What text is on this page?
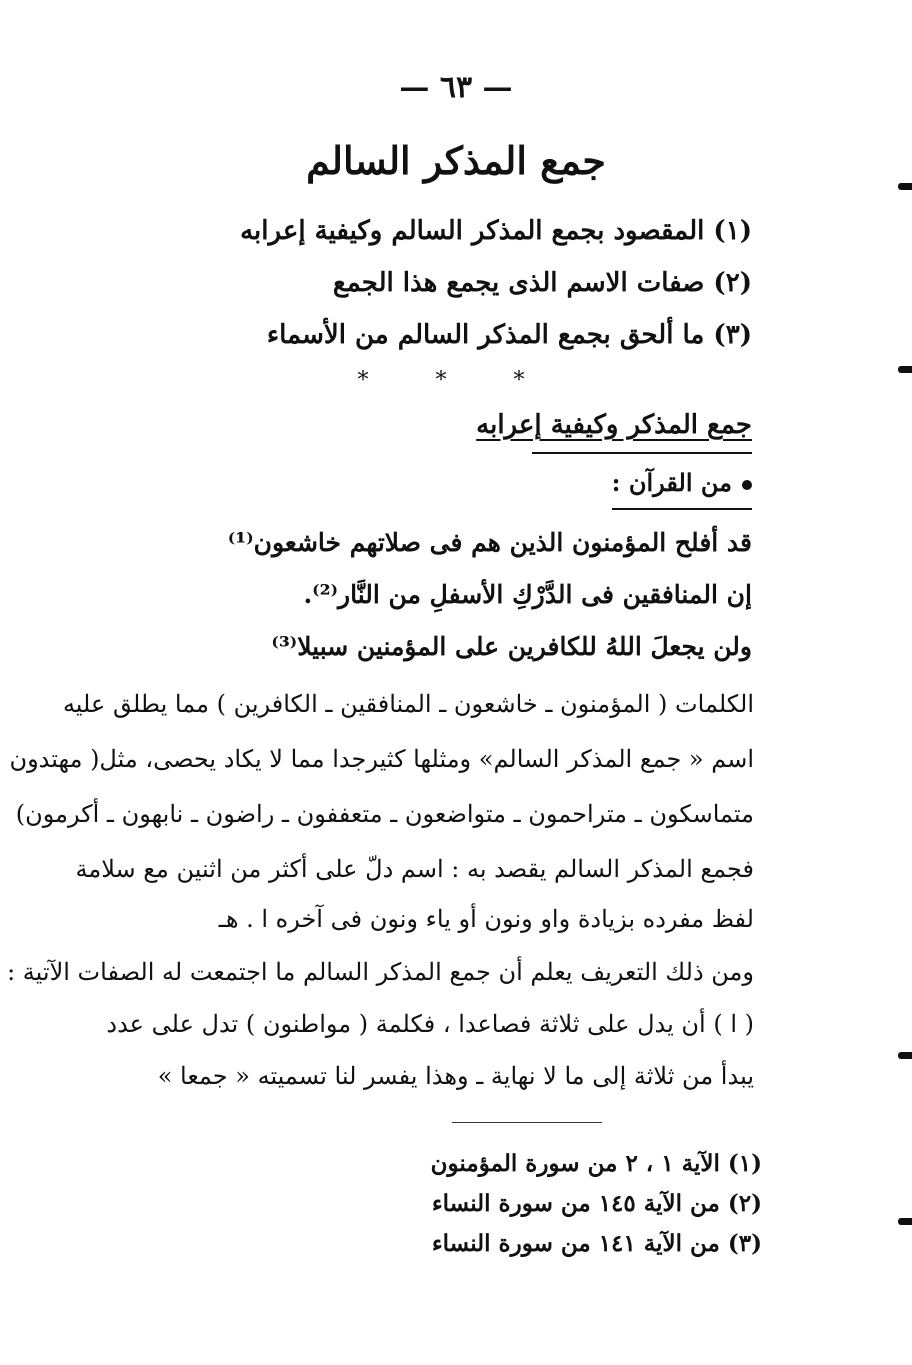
— ٦٣ —
جمع المذكر السالم
(١) المقصود بجمع المذكر السالم وكيفية إعرابه
(٢) صفات الاسم الذى يجمع هذا الجمع
(٣) ما ألحق بجمع المذكر السالم من الأسماء
* * *
جمع المذكر وكيفية إعرابه
من القرآن :
قد أفلح المؤمنون الذين هم فى صلاتهم خاشعون⁽¹⁾
إن المنافقين فى الدَّرْكِ الأسفلِ من النَّار⁽²⁾.
ولن يجعلَ اللهُ للكافرين على المؤمنين سبيلا⁽³⁾
الكلمات ( المؤمنون ـ خاشعون ـ المنافقين ـ الكافرين ) مما يطلق عليه
اسم « جمع المذكر السالم» ومثلها كثيرجدا مما لا يكاد يحصى، مثل( مهتدون
متماسكون ـ متراحمون ـ متواضعون ـ متعففون ـ راضون ـ نابهون ـ أكرمون)
فجمع المذكر السالم يقصد به : اسم دلّ على أكثر من اثنين مع سلامة
لفظ مفرده بزيادة واو ونون أو ياء ونون فى آخره ا . هـ
ومن ذلك التعريف يعلم أن جمع المذكر السالم ما اجتمعت له الصفات الآتية :
( ا ) أن يدل على ثلاثة فصاعدا ، فكلمة ( مواطنون ) تدل على عدد
يبدأ من ثلاثة إلى ما لا نهاية ـ وهذا يفسر لنا تسميته « جمعا »
(١) الآية ١ ، ٢ من سورة المؤمنون
(٢) من الآية ١٤٥ من سورة النساء
(٣) من الآية ١٤١ من سورة النساء
